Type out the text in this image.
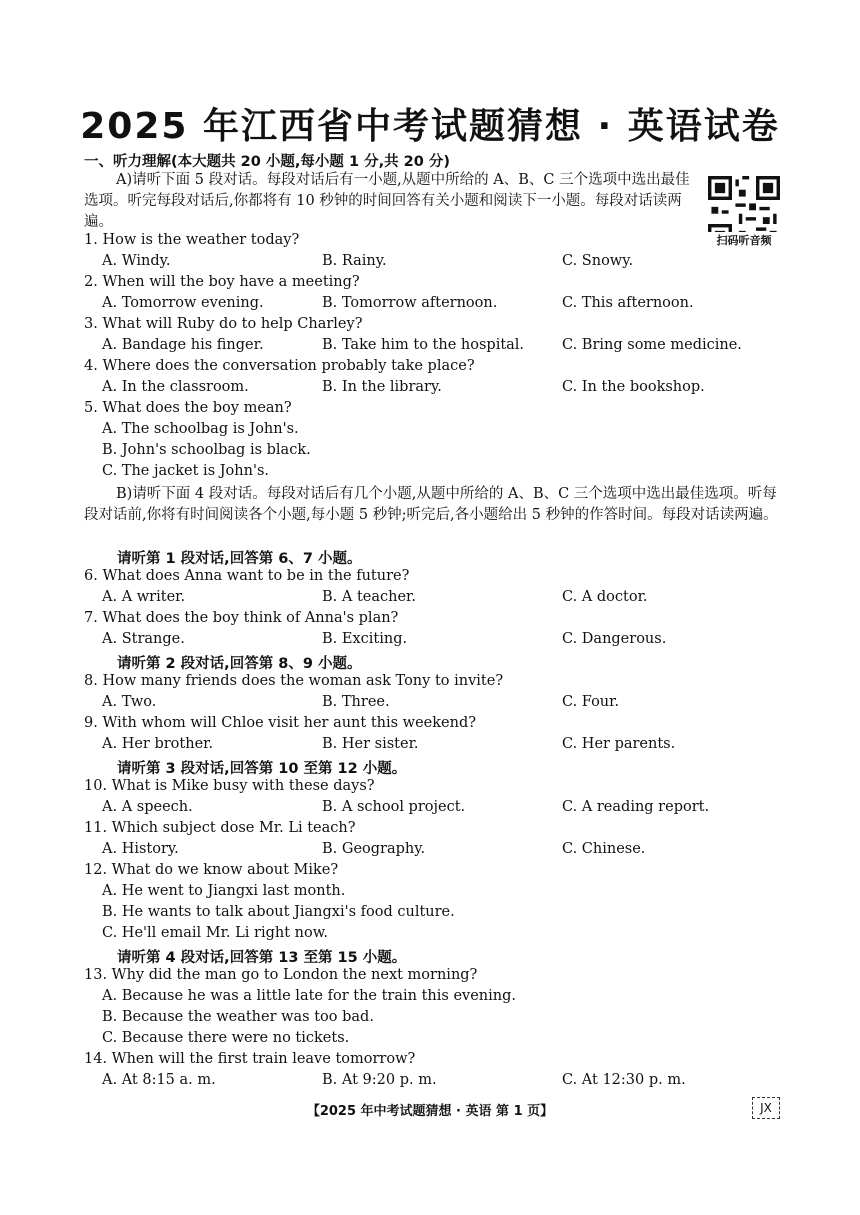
2025 年江西省中考试题猜想 · 英语试卷
一、听力理解(本大题共 20 小题,每小题 1 分,共 20 分)
A)请听下面 5 段对话。每段对话后有一小题,从题中所给的 A、B、C 三个选项中选出最佳选项。听完每段对话后,你都将有 10 秒钟的时间回答有关小题和阅读下一小题。每段对话读两遍。
扫码听音频
1. How is the weather today?
A. Windy.	B. Rainy.	C. Snowy.
2. When will the boy have a meeting?
A. Tomorrow evening.	B. Tomorrow afternoon.	C. This afternoon.
3. What will Ruby do to help Charley?
A. Bandage his finger.	B. Take him to the hospital.	C. Bring some medicine.
4. Where does the conversation probably take place?
A. In the classroom.	B. In the library.	C. In the bookshop.
5. What does the boy mean?
A. The schoolbag is John's.
B. John's schoolbag is black.
C. The jacket is John's.
B)请听下面 4 段对话。每段对话后有几个小题,从题中所给的 A、B、C 三个选项中选出最佳选项。听每段对话前,你将有时间阅读各个小题,每小题 5 秒钟;听完后,各小题给出 5 秒钟的作答时间。每段对话读两遍。
请听第 1 段对话,回答第 6、7 小题。
6. What does Anna want to be in the future?
A. A writer.	B. A teacher.	C. A doctor.
7. What does the boy think of Anna's plan?
A. Strange.	B. Exciting.	C. Dangerous.
请听第 2 段对话,回答第 8、9 小题。
8. How many friends does the woman ask Tony to invite?
A. Two.	B. Three.	C. Four.
9. With whom will Chloe visit her aunt this weekend?
A. Her brother.	B. Her sister.	C. Her parents.
请听第 3 段对话,回答第 10 至第 12 小题。
10. What is Mike busy with these days?
A. A speech.	B. A school project.	C. A reading report.
11. Which subject dose Mr. Li teach?
A. History.	B. Geography.	C. Chinese.
12. What do we know about Mike?
A. He went to Jiangxi last month.
B. He wants to talk about Jiangxi's food culture.
C. He'll email Mr. Li right now.
请听第 4 段对话,回答第 13 至第 15 小题。
13. Why did the man go to London the next morning?
A. Because he was a little late for the train this evening.
B. Because the weather was too bad.
C. Because there were no tickets.
14. When will the first train leave tomorrow?
A. At 8:15 a. m.	B. At 9:20 p. m.	C. At 12:30 p. m.
【2025 年中考试题猜想 · 英语 第 1 页】	JX
